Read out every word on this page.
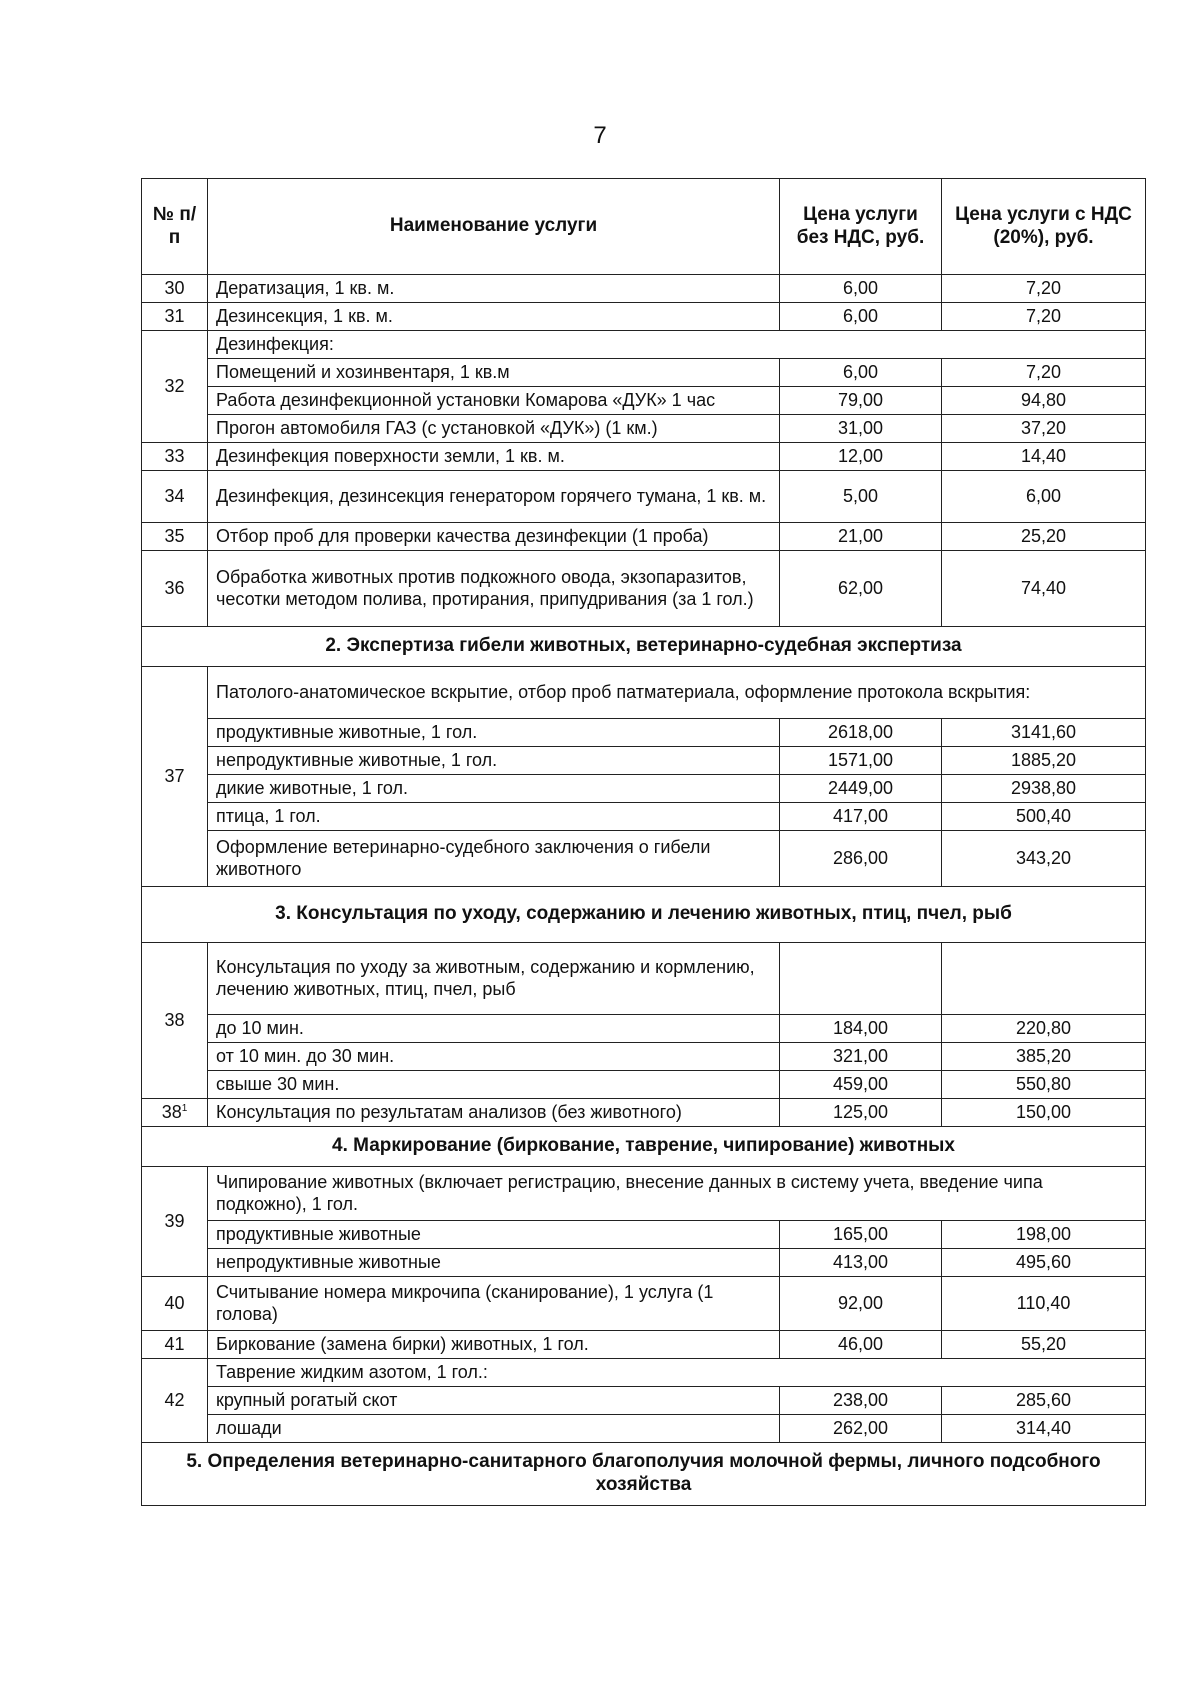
7
№ п/п	Наименование услуги	Цена услуги без НДС, руб.	Цена услуги с НДС (20%), руб.
30	Дератизация, 1 кв. м.	6,00	7,20
31	Дезинсекция, 1 кв. м.	6,00	7,20
32	Дезинфекция:		
	Помещений и хозинвентаря, 1 кв.м	6,00	7,20
	Работа дезинфекционной установки Комарова «ДУК» 1 час	79,00	94,80
	Прогон автомобиля ГАЗ (с установкой «ДУК») (1 км.)	31,00	37,20
33	Дезинфекция поверхности земли, 1 кв. м.	12,00	14,40
34	Дезинфекция, дезинсекция генератором горячего тумана, 1 кв. м.	5,00	6,00
35	Отбор проб для проверки качества дезинфекции (1 проба)	21,00	25,20
36	Обработка животных против подкожного овода, экзопаразитов, чесотки методом полива, протирания, припудривания (за 1 гол.)	62,00	74,40
2. Экспертиза гибели животных, ветеринарно-судебная экспертиза			
37	Патолого-анатомическое вскрытие, отбор проб патматериала, оформление протокола вскрытия:		
	продуктивные животные, 1 гол.	2618,00	3141,60
	непродуктивные животные, 1 гол.	1571,00	1885,20
	дикие животные, 1 гол.	2449,00	2938,80
	птица, 1 гол.	417,00	500,40
	Оформление ветеринарно-судебного заключения о гибели животного	286,00	343,20
3. Консультация по уходу, содержанию и лечению животных, птиц, пчел, рыб			
38	Консультация по уходу за животным, содержанию и кормлению, лечению животных, птиц, пчел, рыб		
	до 10 мин.	184,00	220,80
	от 10 мин. до 30 мин.	321,00	385,20
	свыше 30 мин.	459,00	550,80
$38^1$	Консультация по результатам анализов (без животного)	125,00	150,00
4. Маркирование (биркование, таврение, чипирование) животных			
39	Чипирование животных (включает регистрацию, внесение данных в систему учета, введение чипа подкожно), 1 гол.		
	продуктивные животные	165,00	198,00
	непродуктивные животные	413,00	495,60
40	Считывание номера микрочипа (сканирование), 1 услуга (1 голова)	92,00	110,40
41	Биркование (замена бирки) животных, 1 гол.	46,00	55,20
42	Таврение жидким азотом, 1 гол.:		
	крупный рогатый скот	238,00	285,60
	лошади	262,00	314,40
5. Определения ветеринарно-санитарного благополучия молочной фермы, личного подсобного хозяйства			
